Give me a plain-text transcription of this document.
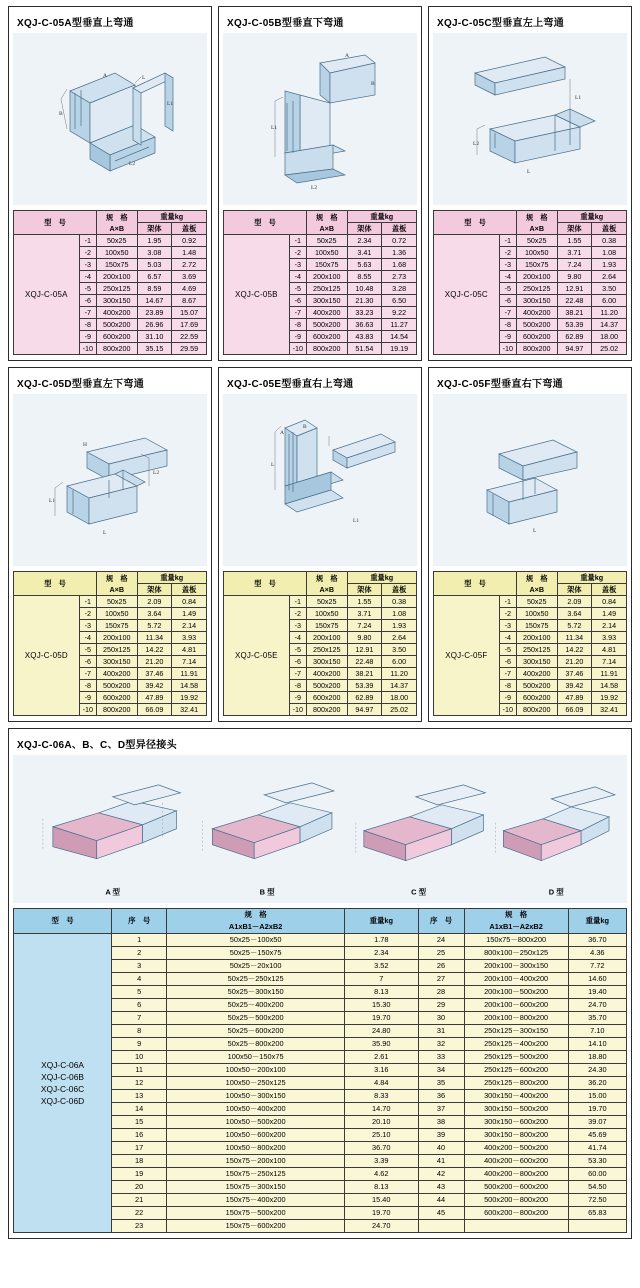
XQJ-C-05A型垂直上弯通
A
B
L
L1
L2
型　号		规　格
A×B	重量kg	
			架体	盖板
XQJ-C-05A	-1	50x25	1.95	0.92
	-2	100x50	3.08	1.48
	-3	150x75	5.03	2.72
	-4	200x100	6.57	3.69
	-5	250x125	8.59	4.69
	-6	300x150	14.67	8.67
	-7	400x200	23.89	15.07
	-8	500x200	26.96	17.69
	-9	600x200	31.10	22.59
	-10	800x200	35.15	29.59
XQJ-C-05B型垂直下弯通
A
L1
B
L2
型　号		规　格
A×B	重量kg	
			架体	盖板
XQJ-C-05B	-1	50x25	2.34	0.72
	-2	100x50	3.41	1.36
	-3	150x75	5.63	1.68
	-4	200x100	8.55	2.73
	-5	250x125	10.48	3.28
	-6	300x150	21.30	6.50
	-7	400x200	33.23	9.22
	-8	500x200	36.63	11.27
	-9	600x200	43.83	14.54
	-10	800x200	51.54	19.19
XQJ-C-05C型垂直左上弯通
L2
L1
L
型　号		规　格
A×B	重量kg	
			架体	盖板
XQJ-C-05C	-1	50x25	1.55	0.38
	-2	100x50	3.71	1.08
	-3	150x75	7.24	1.93
	-4	200x100	9.80	2.64
	-5	250x125	12.91	3.50
	-6	300x150	22.48	6.00
	-7	400x200	38.21	11.20
	-8	500x200	53.39	14.37
	-9	600x200	62.89	18.00
	-10	800x200	94.97	25.02
XQJ-C-05D型垂直左下弯通
H
L2
L1
L
型　号		规　格
A×B	重量kg	
			架体	盖板
XQJ-C-05D	-1	50x25	2.09	0.84
	-2	100x50	3.64	1.49
	-3	150x75	5.72	2.14
	-4	200x100	11.34	3.93
	-5	250x125	14.22	4.81
	-6	300x150	21.20	7.14
	-7	400x200	37.46	11.91
	-8	500x200	39.42	14.58
	-9	600x200	47.89	19.92
	-10	800x200	66.09	32.41
XQJ-C-05E型垂直右上弯通
A
B
L
L1
型　号		规　格
A×B	重量kg	
			架体	盖板
XQJ-C-05E	-1	50x25	1.55	0.38
	-2	100x50	3.71	1.08
	-3	150x75	7.24	1.93
	-4	200x100	9.80	2.64
	-5	250x125	12.91	3.50
	-6	300x150	22.48	6.00
	-7	400x200	38.21	11.20
	-8	500x200	53.39	14.37
	-9	600x200	62.89	18.00
	-10	800x200	94.97	25.02
XQJ-C-05F型垂直右下弯通
L
型　号		规　格
A×B	重量kg	
			架体	盖板
XQJ-C-05F	-1	50x25	2.09	0.84
	-2	100x50	3.64	1.49
	-3	150x75	5.72	2.14
	-4	200x100	11.34	3.93
	-5	250x125	14.22	4.81
	-6	300x150	21.20	7.14
	-7	400x200	37.46	11.91
	-8	500x200	39.42	14.58
	-9	600x200	47.89	19.92
	-10	800x200	66.09	32.41
XQJ-C-06A、B、C、D型异径接头
A 型	B 型	C 型	D 型
型　号	序　号	
规　格
A1xB1－A2xB2
	重量kg	序　号	
规　格
A1xB1－A2xB2
	重量kg

XQJ-C-06A
XQJ-C-06B
XQJ-C-06C
XQJ-C-06D	1	50x25－100x50	1.78	24	150x75－800x200	36.70
	2	50x25－150x75	2.34	25	800x100－250x125	4.36
	3	50x25－20x100	3.52	26	200x100－300x150	7.72
	4	50x25－250x125	7	27	200x100－400x200	14.60
	5	50x25－300x150	8.13	28	200x100－500x200	19.40
	6	50x25－400x200	15.30	29	200x100－600x200	24.70
	7	50x25－500x200	19.70	30	200x100－800x200	35.70
	8	50x25－600x200	24.80	31	250x125－300x150	7.10
	9	50x25－800x200	35.90	32	250x125－400x200	14.10
	10	100x50－150x75	2.61	33	250x125－500x200	18.80
	11	100x50－200x100	3.16	34	250x125－600x200	24.30
	12	100x50－250x125	4.84	35	250x125－800x200	36.20
	13	100x50－300x150	8.33	36	300x150－400x200	15.00
	14	100x50－400x200	14.70	37	300x150－500x200	19.70
	15	100x50－500x200	20.10	38	300x150－600x200	39.07
	16	100x50－600x200	25.10	39	300x150－800x200	45.69
	17	100x50－800x200	36.70	40	400x200－500x200	41.74
	18	150x75－200x100	3.39	41	400x200－600x200	53.30
	19	150x75－250x125	4.62	42	400x200－800x200	60.00
	20	150x75－300x150	8.13	43	500x200－600x200	54.50
	21	150x75－400x200	15.40	44	500x200－800x200	72.50
	22	150x75－500x200	19.70	45	600x200－800x200	65.83
	23	150x75－600x200	24.70			
